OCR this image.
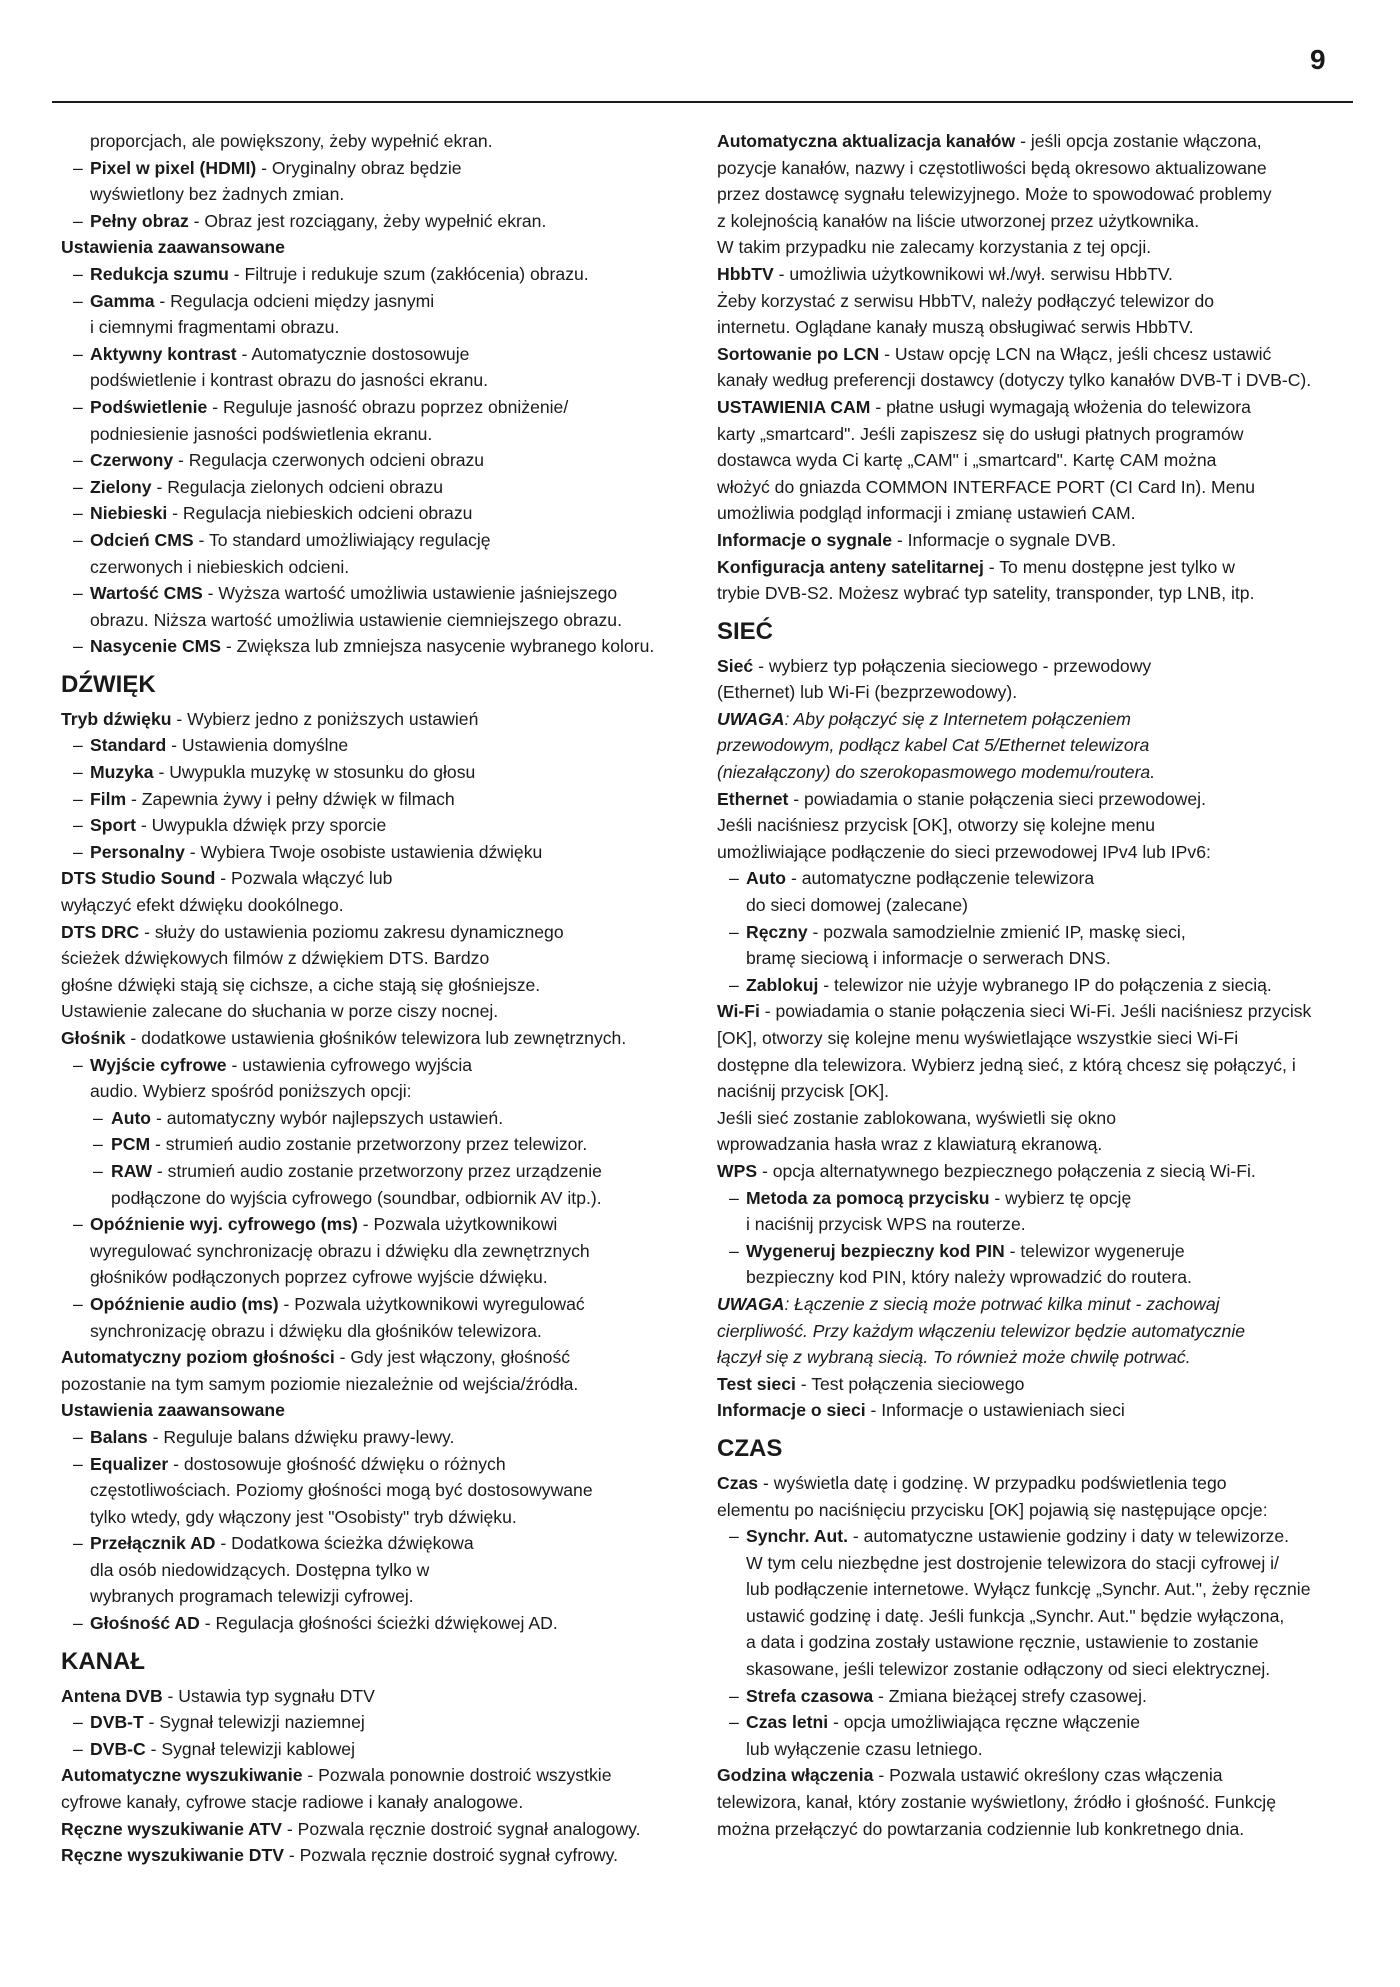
9
proporcjach, ale powiększony, żeby wypełnić ekran.
– Pixel w pixel (HDMI) - Oryginalny obraz będzie
wyświetlony bez żadnych zmian.
– Pełny obraz - Obraz jest rozciągany, żeby wypełnić ekran.
Ustawienia zaawansowane
– Redukcja szumu - Filtruje i redukuje szum (zakłócenia) obrazu.
– Gamma - Regulacja odcieni między jasnymi
i ciemnymi fragmentami obrazu.
– Aktywny kontrast - Automatycznie dostosowuje
podświetlenie i kontrast obrazu do jasności ekranu.
– Podświetlenie - Reguluje jasność obrazu poprzez obniżenie/
podniesienie jasności podświetlenia ekranu.
– Czerwony - Regulacja czerwonych odcieni obrazu
– Zielony - Regulacja zielonych odcieni obrazu
– Niebieski - Regulacja niebieskich odcieni obrazu
– Odcień CMS - To standard umożliwiający regulację
czerwonych i niebieskich odcieni.
– Wartość CMS - Wyższa wartość umożliwia ustawienie jaśniejszego
obrazu. Niższa wartość umożliwia ustawienie ciemniejszego obrazu.
– Nasycenie CMS - Zwiększa lub zmniejsza nasycenie wybranego koloru.
DŹWIĘK
Tryb dźwięku - Wybierz jedno z poniższych ustawień
– Standard - Ustawienia domyślne
– Muzyka - Uwypukla muzykę w stosunku do głosu
– Film - Zapewnia żywy i pełny dźwięk w filmach
– Sport - Uwypukla dźwięk przy sporcie
– Personalny - Wybiera Twoje osobiste ustawienia dźwięku
DTS Studio Sound - Pozwala włączyć lub
wyłączyć efekt dźwięku dookólnego.
DTS DRC - służy do ustawienia poziomu zakresu dynamicznego
ścieżek dźwiękowych filmów z dźwiękiem DTS. Bardzo
głośne dźwięki stają się cichsze, a ciche stają się głośniejsze.
Ustawienie zalecane do słuchania w porze ciszy nocnej.
Głośnik - dodatkowe ustawienia głośników telewizora lub zewnętrznych.
– Wyjście cyfrowe - ustawienia cyfrowego wyjścia
audio. Wybierz spośród poniższych opcji:
– Auto - automatyczny wybór najlepszych ustawień.
– PCM - strumień audio zostanie przetworzony przez telewizor.
– RAW - strumień audio zostanie przetworzony przez urządzenie
podłączone do wyjścia cyfrowego (soundbar, odbiornik AV itp.).
– Opóźnienie wyj. cyfrowego (ms) - Pozwala użytkownikowi
wyregulować synchronizację obrazu i dźwięku dla zewnętrznych
głośników podłączonych poprzez cyfrowe wyjście dźwięku.
– Opóźnienie audio (ms) - Pozwala użytkownikowi wyregulować
synchronizację obrazu i dźwięku dla głośników telewizora.
Automatyczny poziom głośności - Gdy jest włączony, głośność
pozostanie na tym samym poziomie niezależnie od wejścia/źródła.
Ustawienia zaawansowane
– Balans - Reguluje balans dźwięku prawy-lewy.
– Equalizer - dostosowuje głośność dźwięku o różnych
częstotliwościach. Poziomy głośności mogą być dostosowywane
tylko wtedy, gdy włączony jest "Osobisty" tryb dźwięku.
– Przełącznik AD - Dodatkowa ścieżka dźwiękowa
dla osób niedowidzących. Dostępna tylko w
wybranych programach telewizji cyfrowej.
– Głośność AD - Regulacja głośności ścieżki dźwiękowej AD.
KANAŁ
Antena DVB - Ustawia typ sygnału DTV
– DVB-T - Sygnał telewizji naziemnej
– DVB-C - Sygnał telewizji kablowej
Automatyczne wyszukiwanie - Pozwala ponownie dostroić wszystkie
cyfrowe kanały, cyfrowe stacje radiowe i kanały analogowe.
Ręczne wyszukiwanie ATV - Pozwala ręcznie dostroić sygnał analogowy.
Ręczne wyszukiwanie DTV - Pozwala ręcznie dostroić sygnał cyfrowy.
Automatyczna aktualizacja kanałów - jeśli opcja zostanie włączona,
pozycje kanałów, nazwy i częstotliwości będą okresowo aktualizowane
przez dostawcę sygnału telewizyjnego. Może to spowodować problemy
z kolejnością kanałów na liście utworzonej przez użytkownika.
W takim przypadku nie zalecamy korzystania z tej opcji.
HbbTV - umożliwia użytkownikowi wł./wył. serwisu HbbTV.
Żeby korzystać z serwisu HbbTV, należy podłączyć telewizor do
internetu. Oglądane kanały muszą obsługiwać serwis HbbTV.
Sortowanie po LCN - Ustaw opcję LCN na Włącz, jeśli chcesz ustawić
kanały według preferencji dostawcy (dotyczy tylko kanałów DVB-T i DVB-C).
USTAWIENIA CAM - płatne usługi wymagają włożenia do telewizora
karty „smartcard". Jeśli zapiszesz się do usługi płatnych programów
dostawca wyda Ci kartę „CAM" i „smartcard". Kartę CAM można
włożyć do gniazda COMMON INTERFACE PORT (CI Card In). Menu
umożliwia podgląd informacji i zmianę ustawień CAM.
Informacje o sygnale - Informacje o sygnale DVB.
Konfiguracja anteny satelitarnej - To menu dostępne jest tylko w
trybie DVB-S2. Możesz wybrać typ satelity, transponder, typ LNB, itp.
SIEĆ
Sieć - wybierz typ połączenia sieciowego - przewodowy
(Ethernet) lub Wi-Fi (bezprzewodowy).
UWAGA: Aby połączyć się z Internetem połączeniem
przewodowym, podłącz kabel Cat 5/Ethernet telewizora
(niezałączony) do szerokopasmowego modemu/routera.
Ethernet - powiadamia o stanie połączenia sieci przewodowej.
Jeśli naciśniesz przycisk [OK], otworzy się kolejne menu
umożliwiające podłączenie do sieci przewodowej IPv4 lub IPv6:
– Auto - automatyczne podłączenie telewizora
do sieci domowej (zalecane)
– Ręczny - pozwala samodzielnie zmienić IP, maskę sieci,
bramę sieciową i informacje o serwerach DNS.
– Zablokuj - telewizor nie użyje wybranego IP do połączenia z siecią.
Wi-Fi - powiadamia o stanie połączenia sieci Wi-Fi. Jeśli naciśniesz przycisk
[OK], otworzy się kolejne menu wyświetlające wszystkie sieci Wi-Fi
dostępne dla telewizora. Wybierz jedną sieć, z którą chcesz się połączyć, i
naciśnij przycisk [OK].
Jeśli sieć zostanie zablokowana, wyświetli się okno
wprowadzania hasła wraz z klawiaturą ekranową.
WPS - opcja alternatywnego bezpiecznego połączenia z siecią Wi-Fi.
– Metoda za pomocą przycisku - wybierz tę opcję
i naciśnij przycisk WPS na routerze.
– Wygeneruj bezpieczny kod PIN - telewizor wygeneruje
bezpieczny kod PIN, który należy wprowadzić do routera.
UWAGA: Łączenie z siecią może potrwać kilka minut - zachowaj
cierpliwość. Przy każdym włączeniu telewizor będzie automatycznie
łączył się z wybraną siecią. To również może chwilę potrwać.
Test sieci - Test połączenia sieciowego
Informacje o sieci - Informacje o ustawieniach sieci
CZAS
Czas - wyświetla datę i godzinę. W przypadku podświetlenia tego
elementu po naciśnięciu przycisku [OK] pojawią się następujące opcje:
– Synchr. Aut. - automatyczne ustawienie godziny i daty w telewizorze.
W tym celu niezbędne jest dostrojenie telewizora do stacji cyfrowej i/
lub podłączenie internetowe. Wyłącz funkcję „Synchr. Aut.", żeby ręcznie
ustawić godzinę i datę. Jeśli funkcja „Synchr. Aut." będzie wyłączona,
a data i godzina zostały ustawione ręcznie, ustawienie to zostanie
skasowane, jeśli telewizor zostanie odłączony od sieci elektrycznej.
– Strefa czasowa - Zmiana bieżącej strefy czasowej.
– Czas letni - opcja umożliwiająca ręczne włączenie
lub wyłączenie czasu letniego.
Godzina włączenia - Pozwala ustawić określony czas włączenia
telewizora, kanał, który zostanie wyświetlony, źródło i głośność. Funkcję
można przełączyć do powtarzania codziennie lub konkretnego dnia.
